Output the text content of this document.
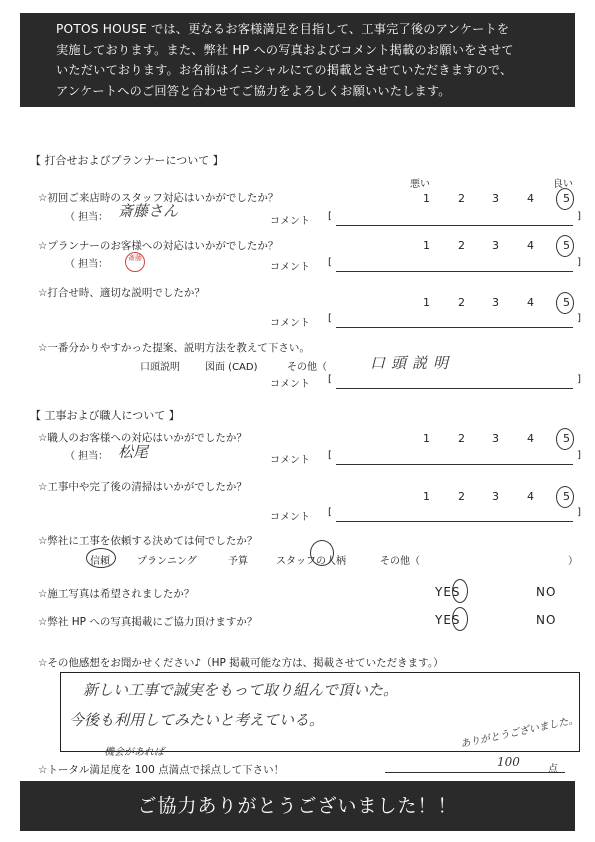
POTOS HOUSE では、更なるお客様満足を目指して、工事完了後のアンケートを
実施しております。また、弊社 HP への写真およびコメント掲載のお願いをさせて
いただいております。お名前はイニシャルにての掲載とさせていただきますので、
アンケートへのご回答と合わせてご協力をよろしくお願いいたします。
【 打合せおよびプランナーについて 】
悪い	良い
☆初回ご来店時のスタッフ対応はいかがでしたか？
（ 担当： 斎藤さん
1	2 3	4	5
コメント [	]
☆プランナーのお客様への対応はいかがでしたか？
（ 担当：
斎藤
1	2 3	4	5
コメント [	]
☆打合せ時、適切な説明でしたか？
1	2 3	4	5
コメント [	]
☆一番分かりやすかった提案、説明方法を教えて下さい。
口頭説明	図面 (CAD)	その他（	口頭説明
コメント [	]
【 工事および職人について 】
☆職人のお客様への対応はいかがでしたか？
（ 担当： 松尾
1	2 3	4	5
コメント [	]
☆工事中や完了後の清掃はいかがでしたか？
1	2 3	4	5
コメント [	]
☆弊社に工事を依頼する決めては何でしたか？
信頼	プランニング	予算	スタッフの人柄	その他（	）
☆施工写真は希望されましたか？	YES	NO
☆弊社 HP への写真掲載にご協力頂けますか？	YES	NO
☆その他感想をお聞かせください♪（HP 掲載可能な方は、掲載させていただきます。）
新しい工事で誠実をもって取り組んで頂いた。
今後も利用してみたいと考えている。	ありがとうございました。
機会があれば
☆トータル満足度を 100 点満点で採点して下さい！
100
点
ご協力ありがとうございました！！
